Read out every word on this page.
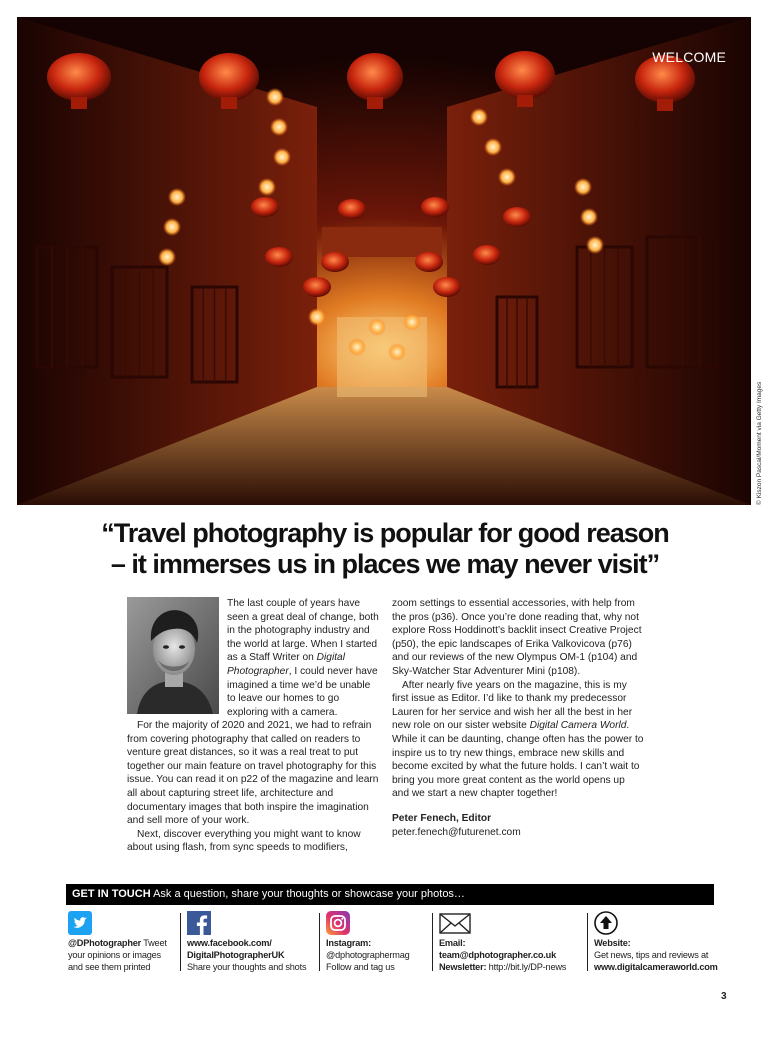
WELCOME
© Kiszon Pascal/Moment via Getty Images
“Travel photography is popular for good reason
– it immerses us in places we may never visit”

The last couple of years have seen a great deal of change, both in the photography industry and the world at large. When I started as a Staff Writer on Digital Photographer, I could never have imagined a time we’d be unable to leave our homes to go exploring with a camera.

For the majority of 2020 and 2021, we had to refrain from covering photography that called on readers to venture great distances, so it was a real treat to put together our main feature on travel photography for this issue. You can read it on p22 of the magazine and learn all about capturing street life, architecture and documentary images that both inspire the imagination and sell more of your work.

Next, discover everything you might want to know about using flash, from sync speeds to modifiers,

zoom settings to essential accessories, with help from the pros (p36). Once you’re done reading that, why not explore Ross Hoddinott’s backlit insect Creative Project (p50), the epic landscapes of Erika Valkovicova (p76) and our reviews of the new Olympus OM-1 (p104) and Sky-Watcher Star Adventurer Mini (p108).

After nearly five years on the magazine, this is my first issue as Editor. I’d like to thank my predecessor Lauren for her service and wish her all the best in her new role on our sister website Digital Camera World. While it can be daunting, change often has the power to inspire us to try new things, embrace new skills and become excited by what the future holds. I can’t wait to bring you more great content as the world opens up and we start a new chapter together!

Peter Fenech, Editor

peter.fenech@futurenet.com

GET IN TOUCH Ask a question, share your thoughts or showcase your photos…
@DPhotographer Tweet
your opinions or images
and see them printed
www.facebook.com/
DigitalPhotographerUK
Share your thoughts and shots
Instagram:
@dphotographermag
Follow and tag us
Email:
team@dphotographer.co.uk
Newsletter: http://bit.ly/DP-news
Website:
Get news, tips and reviews at
www.digitalcameraworld.com
3
